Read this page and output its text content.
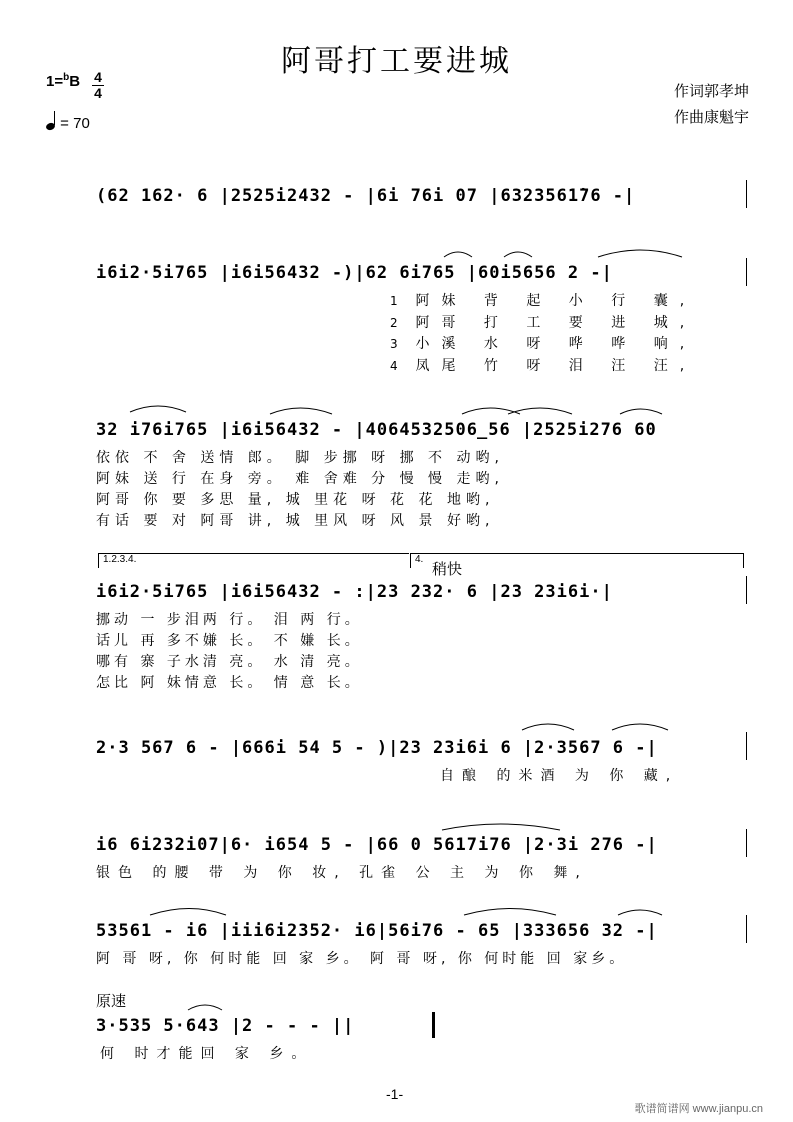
阿哥打工要进城
1=$^b$B 4
4
= 70
作词郭孝坤
作曲康魁宇
(62 162· 6 |2525i2432 - |6i 76i 07 |6323561̇76 -|
i6i2·5i765 |i6i56432 -)|62 6i765 |60i5656 2 -|
32 i76i765 |i6i56432 - |4064532506̲56 |2525i276 60
i6i2·5i765 |i6i56432 - :|23 232· 6 |23 23i6i·|
2·3 567 6 - |666i 54 5 - )|23 23i6i 6 |2·3567 6 -|
i6 6i232i07|6· i654 5 - |66 0 5617i76 |2·3i 276 -|
53561 - i6 |iii6i2352· i6|56i76 - 65 |333656 32 -|
3·535 5·643 |2 - - - ||
1 阿妹 背 起 小 行 囊,
2 阿哥 打 工 要 进 城,
3 小溪 水 呀 哗 哗 响,
4 凤尾 竹 呀 泪 汪 汪,
依依 不 舍 送情 郎。 脚 步挪 呀 挪 不 动哟,
阿妹 送 行 在身 旁。 难 舍难 分 慢 慢 走哟,
阿哥 你 要 多思 量, 城 里花 呀 花 花 地哟,
有话 要 对 阿哥 讲, 城 里风 呀 风 景 好哟,
1.2.3.4.	4.
稍快
挪动 一 步泪两 行。 泪 两 行。
话儿 再 多不嫌 长。 不 嫌 长。
哪有 寨 子水清 亮。 水 清 亮。
怎比 阿 妹情意 长。 情 意 长。
自酿 的米酒 为 你 藏,
银色 的腰 带 为 你 妆, 孔雀 公 主 为 你 舞,
阿 哥 呀, 你 何时能 回 家 乡。 阿 哥 呀, 你 何时能 回 家乡。
原速
何 时才能回 家 乡。
-1-
歌谱简谱网 www.jianpu.cn
